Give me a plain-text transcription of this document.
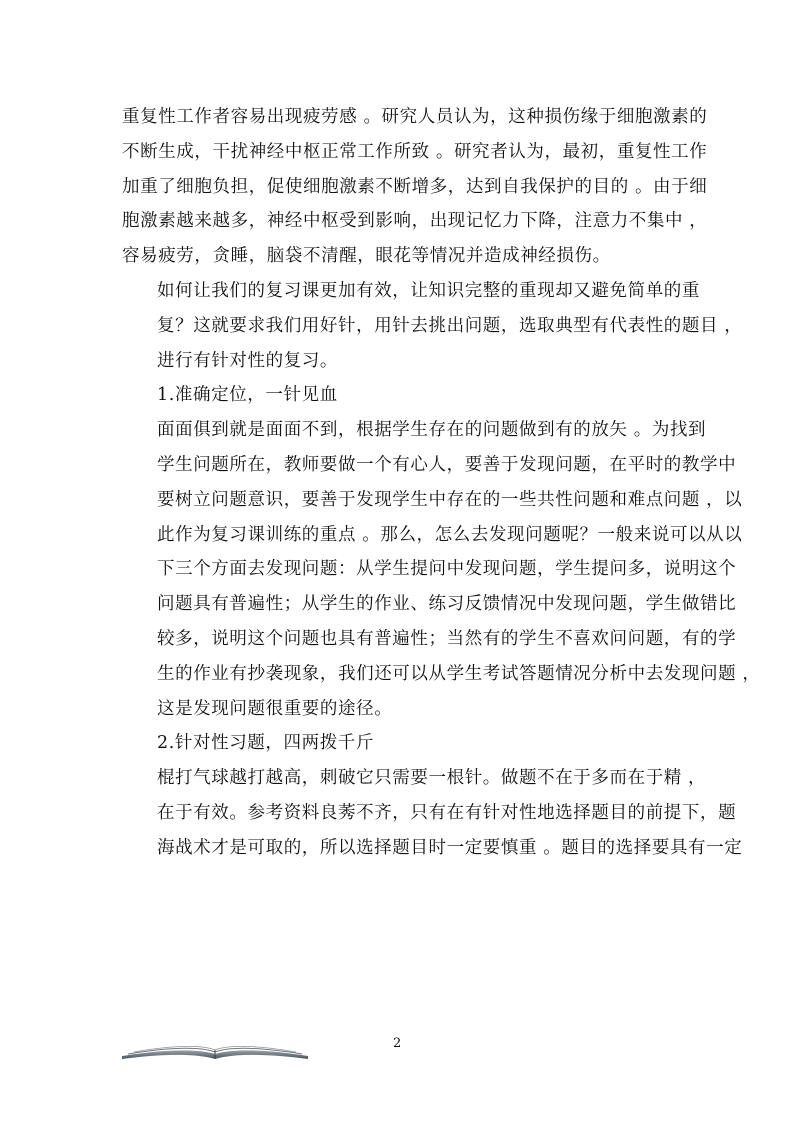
重复性工作者容易出现疲劳感 。研究人员认为，这种损伤缘于细胞激素的
不断生成，干扰神经中枢正常工作所致 。研究者认为，最初，重复性工作
加重了细胞负担，促使细胞激素不断增多，达到自我保护的目的 。由于细
胞激素越来越多，神经中枢受到影响，出现记忆力下降，注意力不集中 ，
容易疲劳，贪睡，脑袋不清醒，眼花等情况并造成神经损伤。

如何让我们的复习课更加有效，让知识完整的重现却又避免简单的重
复？这就要求我们用好针，用针去挑出问题，选取典型有代表性的题目 ，
进行有针对性的复习。

1.准确定位，一针见血

面面俱到就是面面不到，根据学生存在的问题做到有的放矢 。为找到
学生问题所在，教师要做一个有心人，要善于发现问题，在平时的教学中
要树立问题意识，要善于发现学生中存在的一些共性问题和难点问题 ，以
此作为复习课训练的重点 。那么，怎么去发现问题呢？一般来说可以从以
下三个方面去发现问题：从学生提问中发现问题，学生提问多，说明这个
问题具有普遍性；从学生的作业、练习反馈情况中发现问题，学生做错比
较多，说明这个问题也具有普遍性；当然有的学生不喜欢问问题，有的学
生的作业有抄袭现象，我们还可以从学生考试答题情况分析中去发现问题 ，
这是发现问题很重要的途径。

2.针对性习题，四两拨千斤

棍打气球越打越高，刺破它只需要一根针。做题不在于多而在于精 ，
在于有效。参考资料良莠不齐，只有在有针对性地选择题目的前提下，题
海战术才是可取的，所以选择题目时一定要慎重 。题目的选择要具有一定

2
